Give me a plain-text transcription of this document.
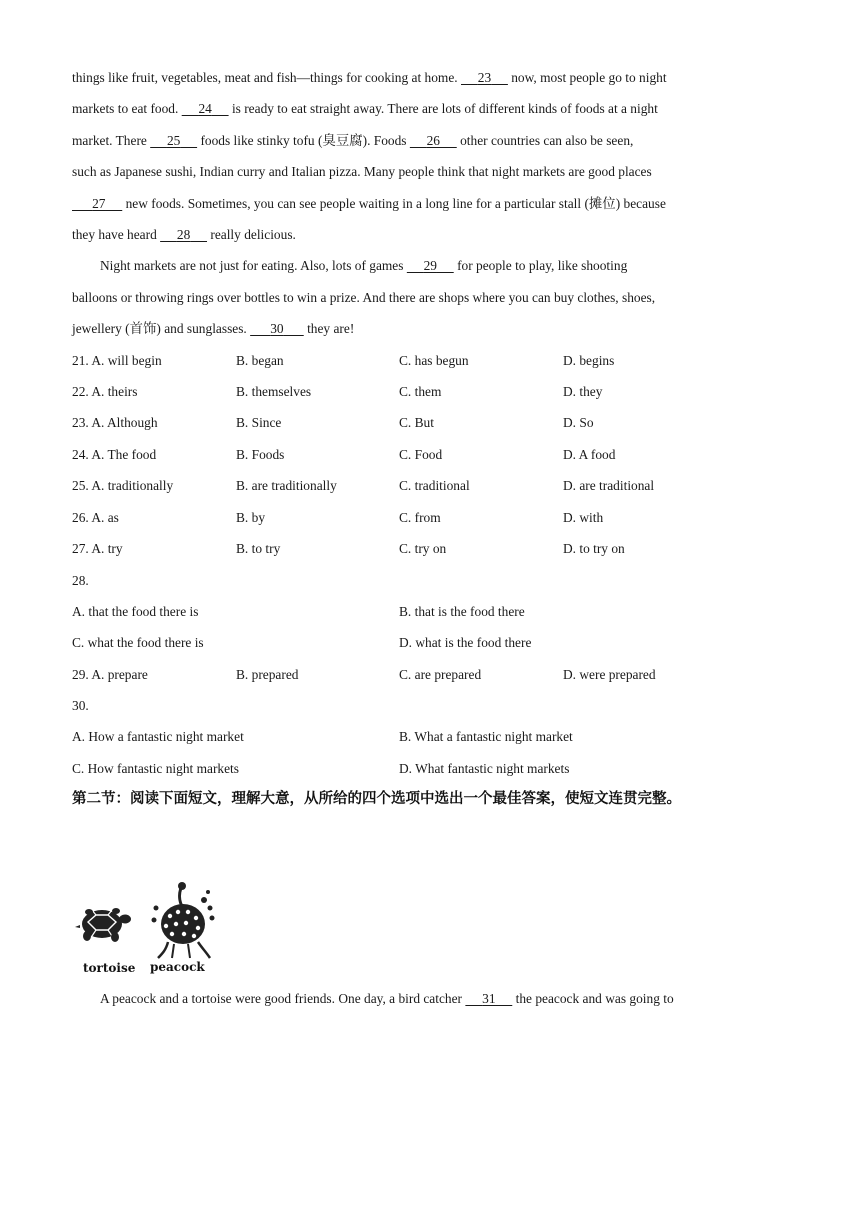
things like fruit, vegetables, meat and fish—things for cooking at home.      23      now, most people go to night
markets to eat food.      24      is ready to eat straight away. There are lots of different kinds of foods at a night
market. There      25      foods like stinky tofu (臭豆腐). Foods      26      other countries can also be seen,
such as Japanese sushi, Indian curry and Italian pizza. Many people think that night markets are good places
27      new foods. Sometimes, you can see people waiting in a long line for a particular stall (摊位) because
they have heard      28      really delicious.
Night markets are not just for eating. Also, lots of games      29      for people to play, like shooting
balloons or throwing rings over bottles to win a prize. And there are shops where you can buy clothes, shoes,
jewellery (首饰) and sunglasses.       30       they are!
21. A. will begin	B. began	C. has begun	D. begins
22. A. theirs	B. themselves	C. them	D. they
23. A. Although	B. Since	C. But	D. So
24. A. The food	B. Foods	C. Food	D. A food
25. A. traditionally	B. are traditionally	C. traditional	D. are traditional
26. A. as	B. by	C. from	D. with
27. A. try	B. to try	C. try on	D. to try on
28.
A. that the food there is	B. that is the food there
C. what the food there is	D. what is the food there
29. A. prepare	B. prepared	C. are prepared	D. were prepared
30.
A. How a fantastic night market	B. What a fantastic night market
C. How fantastic night markets	D. What fantastic night markets
第二节：阅读下面短文，理解大意，从所给的四个选项中选出一个最佳答案，使短文连贯完整。
tortoise peacock
A peacock and a tortoise were good friends. One day, a bird catcher      31      the peacock and was going to
